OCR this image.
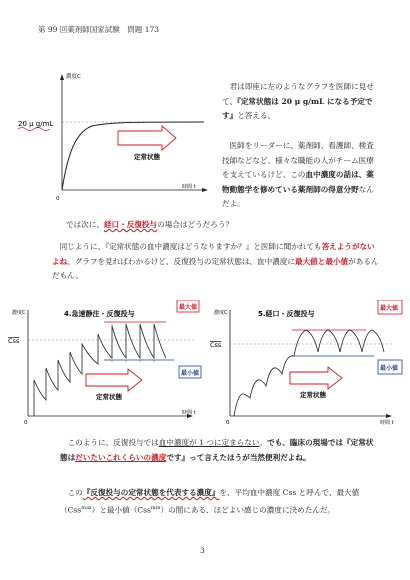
第 99 回薬剤師国家試験　問題 173
濃度C
時間 t
0
20 μ g/mL
定常状態
君は即座に左のようなグラフを医師に見せて、『定常状態は 20 μ g/mL になる予定です』と答える。
医師をリーダーに、薬剤師、看護師、検査技師などなど、様々な職能の人がチーム医療を支えているけど、この血中濃度の話は、薬物動態学を修めている薬剤師の得意分野なんだよ。
では次に、経口・反復投与の場合はどうだろう？
同じように、『定常状態の血中濃度はどうなりますか？』と医師に聞かれても答えようがないよね。グラフを見ればわかるけど、反復投与の定常状態は、血中濃度に最大値と最小値があるんだもん。
4.急速静注・反復投与
濃度C
Css
時間 t
0
最大値
最小値
定常状態
5.経口・反復投与
濃度C
Css
時間 t
0
最大値
最小値
定常状態
このように、反復投与では血中濃度が 1 つに定まらない。でも、臨床の現場では『定常状態はだいたいこれくらいの濃度です』って言えたほうが当然便利だよね。
この『反復投与の定常状態を代表する濃度』を、平均血中濃度 Css と呼んで、最大値（Css$^{max}$）と最小値（Css$^{min}$）の間にある、ほどよい感じの濃度に決めたんだ。
3
